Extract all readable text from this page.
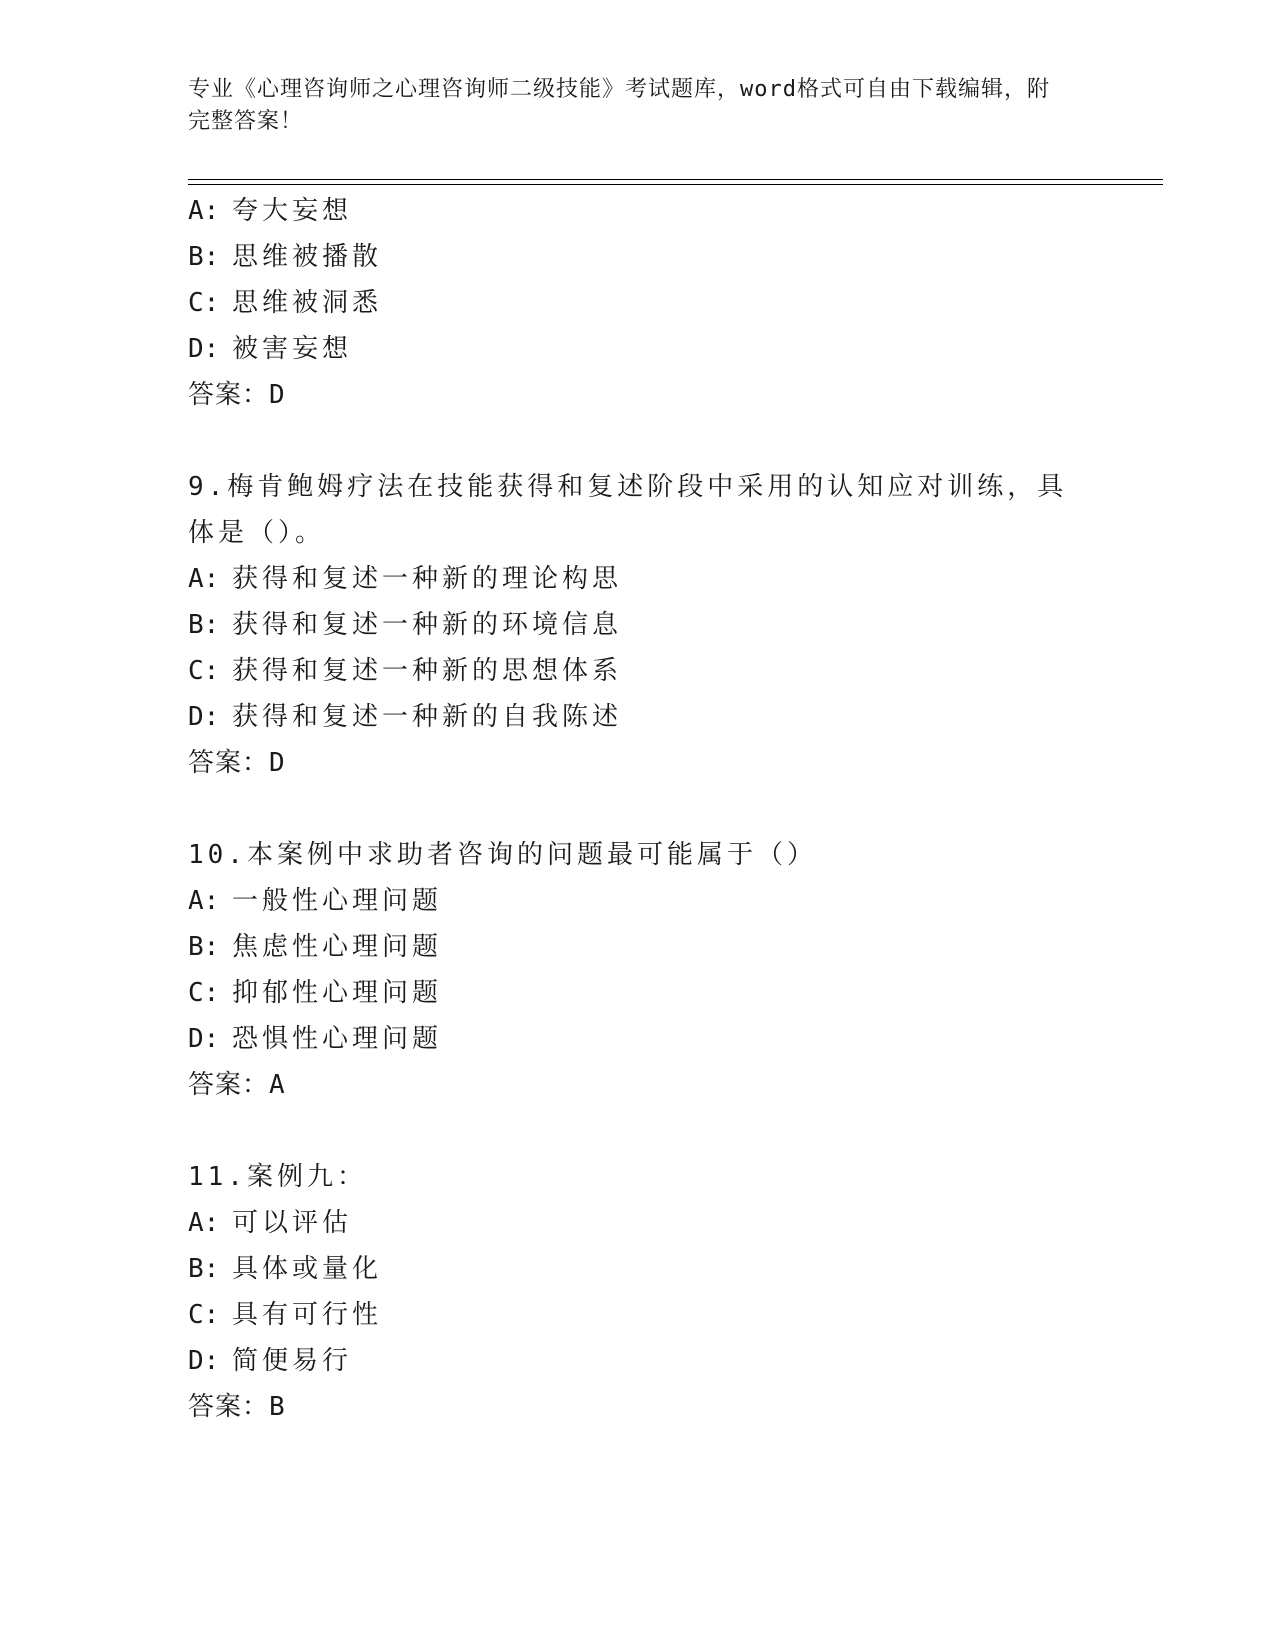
专业《心理咨询师之心理咨询师二级技能》考试题库，word格式可自由下载编辑，附完整答案！
A: 夸大妄想
B: 思维被播散
C: 思维被洞悉
D: 被害妄想
答案：D
9.梅肯鲍姆疗法在技能获得和复述阶段中采用的认知应对训练，具体是（）。
A: 获得和复述一种新的理论构思
B: 获得和复述一种新的环境信息
C: 获得和复述一种新的思想体系
D: 获得和复述一种新的自我陈述
答案：D
10.本案例中求助者咨询的问题最可能属于（）
A: 一般性心理问题
B: 焦虑性心理问题
C: 抑郁性心理问题
D: 恐惧性心理问题
答案：A
11.案例九：
A: 可以评估
B: 具体或量化
C: 具有可行性
D: 简便易行
答案：B
